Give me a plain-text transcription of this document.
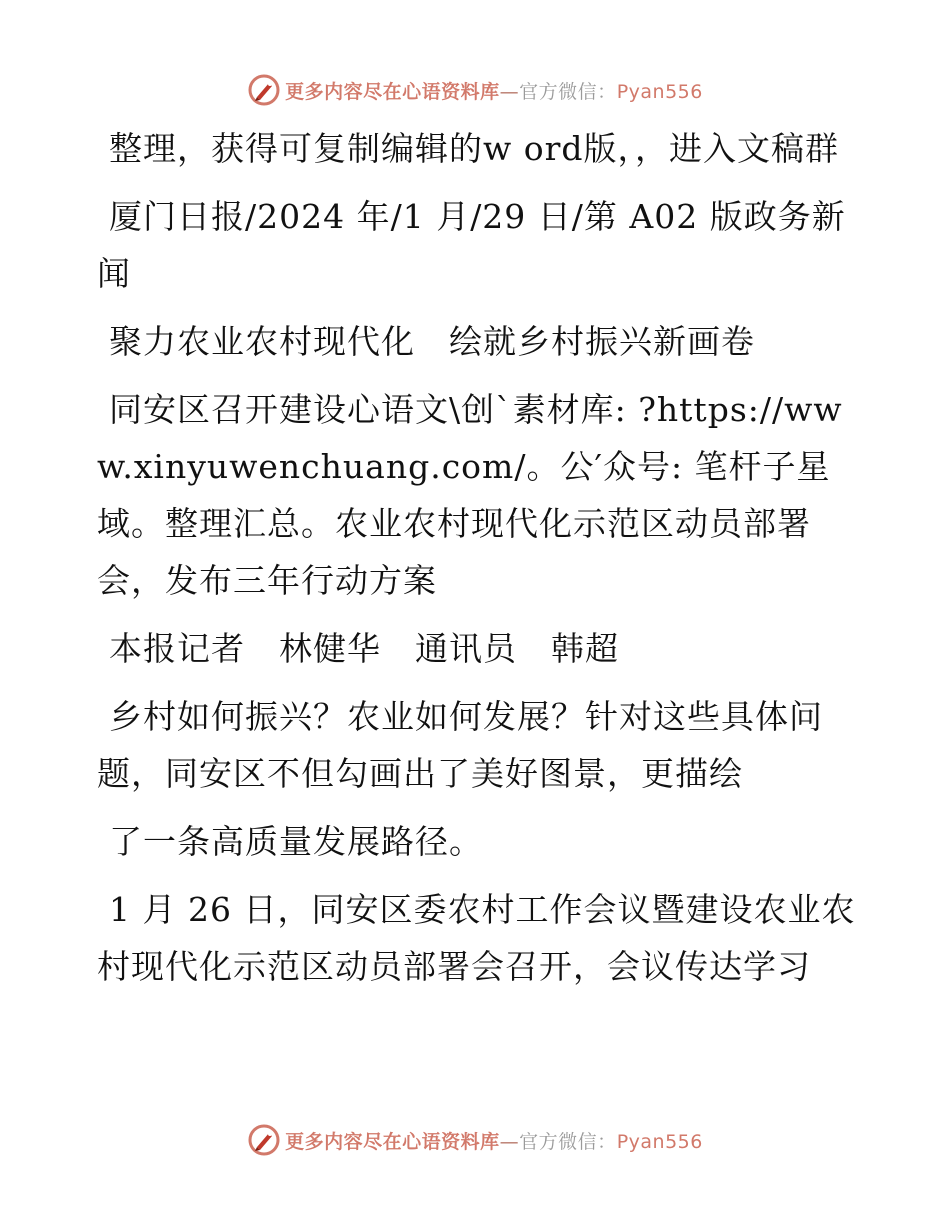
更多内容尽在心语资料库—官方微信：Pyan556

整理，获得可复制编辑的w ord版，，进入文稿群

厦门日报/2024 年/1 月/29 日/第 A02 版政务新闻

聚力农业农村现代化　绘就乡村振兴新画卷

同安区召开建设心语文\创`素材库: ?https://www.xinyuwenchuang.com/。公′众号: 笔杆子星域。整理汇总。农业农村现代化示范区动员部署会，发布三年行动方案

本报记者　林健华　通讯员　韩超

乡村如何振兴？农业如何发展？针对这些具体问题，同安区不但勾画出了美好图景，更描绘

了一条高质量发展路径。

1 月 26 日，同安区委农村工作会议暨建设农业农村现代化示范区动员部署会召开，会议传达学习

更多内容尽在心语资料库—官方微信：Pyan556
